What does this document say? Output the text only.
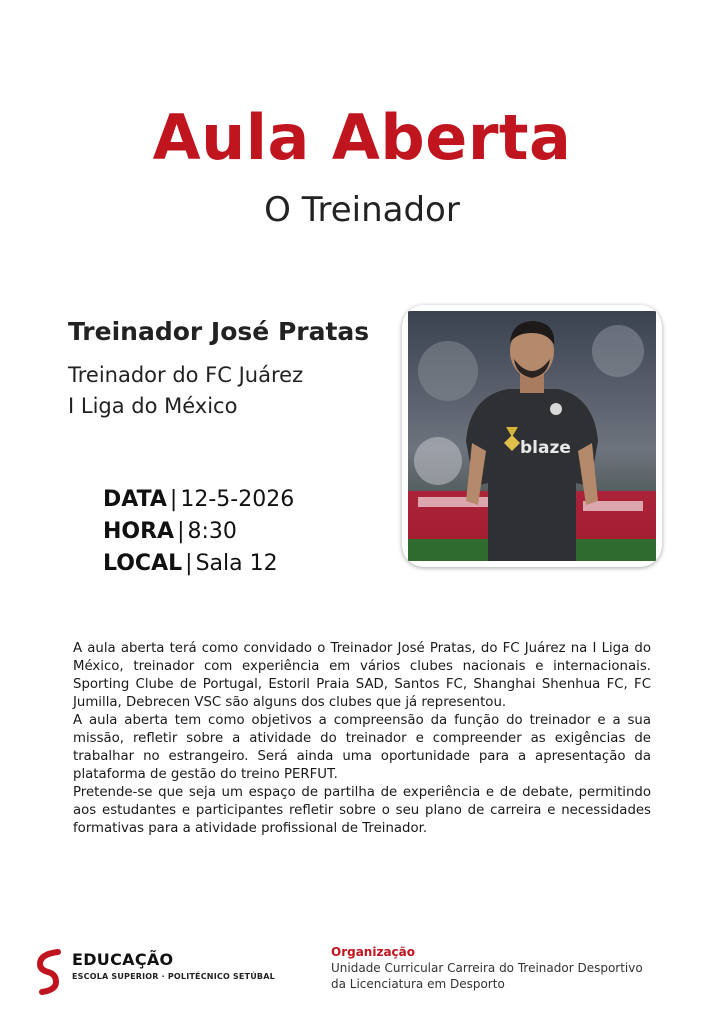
Aula Aberta
O Treinador
Treinador José Pratas
Treinador do FC Juárez
I Liga do México
DATA | 12-5-2026
HORA | 8:30
LOCAL | Sala 12
blaze

A aula aberta terá como convidado o Treinador José Pratas, do FC Juárez na I Liga do México, treinador com experiência em vários clubes nacionais e internacionais. Sporting Clube de Portugal, Estoril Praia SAD, Santos FC, Shanghai Shenhua FC, FC Jumilla, Debrecen VSC são alguns dos clubes que já representou.

A aula aberta tem como objetivos a compreensão da função do treinador e a sua missão, refletir sobre a atividade do treinador e compreender as exigências de trabalhar no estrangeiro. Será ainda uma oportunidade para a apresentação da plataforma de gestão do treino PERFUT.

Pretende-se que seja um espaço de partilha de experiência e de debate, permitindo aos estudantes e participantes refletir sobre o seu plano de carreira e necessidades formativas para a atividade profissional de Treinador.

EDUCAÇÃO
ESCOLA SUPERIOR · POLITÉCNICO SETÚBAL
Organização
Unidade Curricular Carreira do Treinador Desportivo
da Licenciatura em Desporto
